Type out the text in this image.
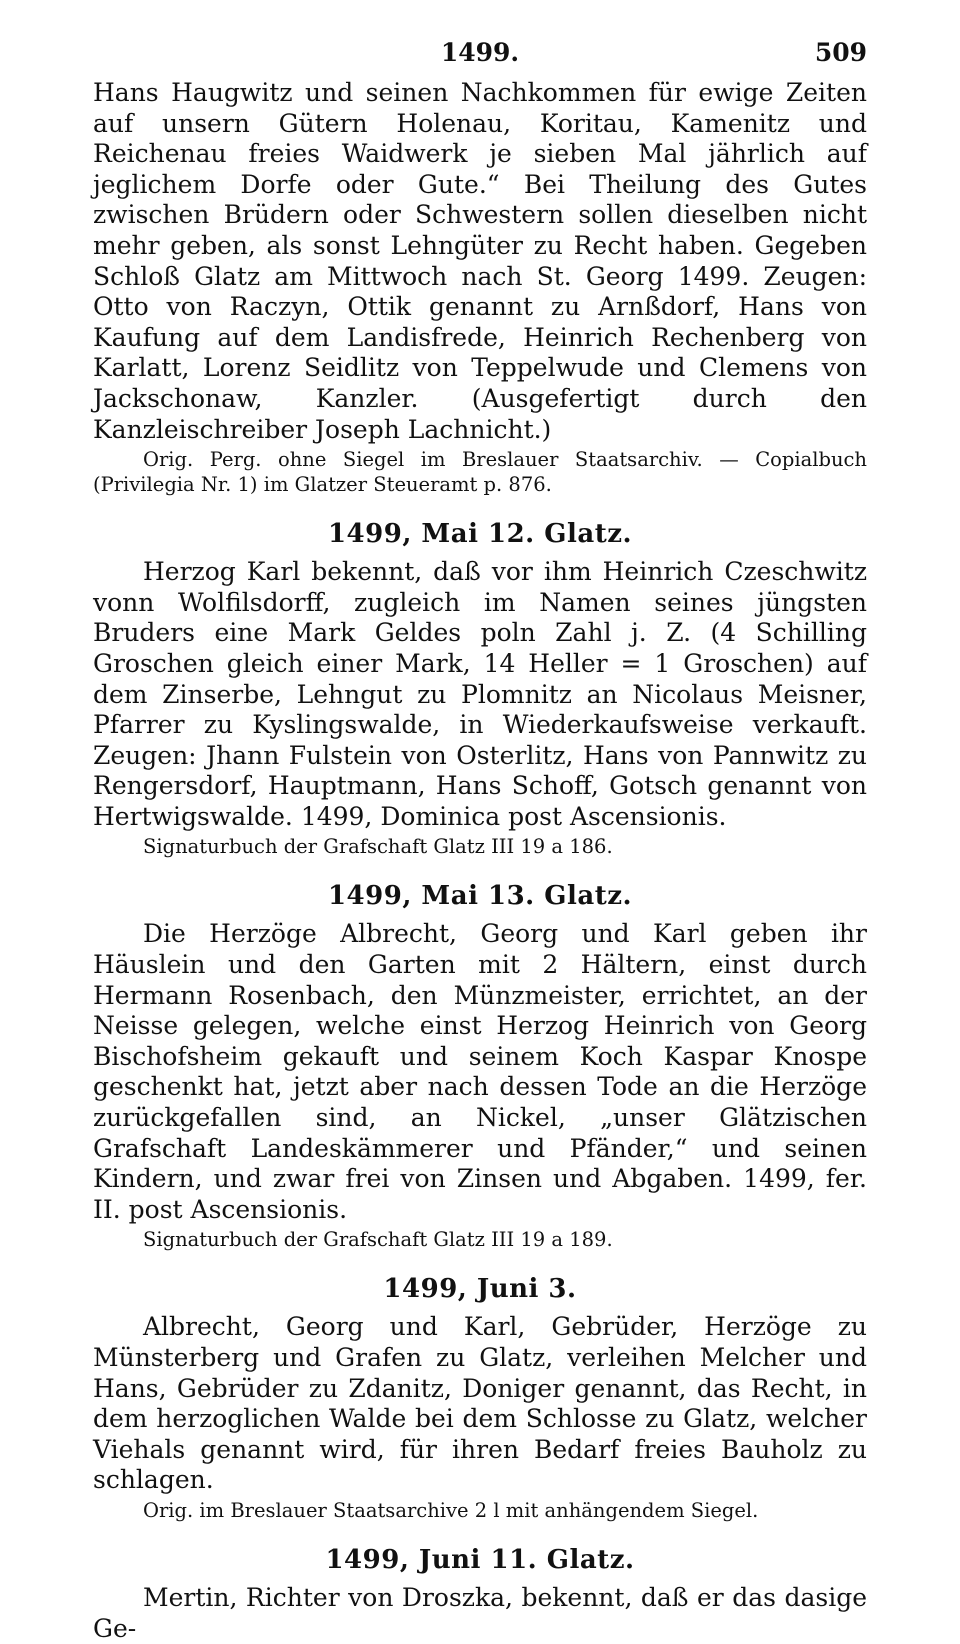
1499.	509

Hans Haugwitz und seinen Nachkommen für ewige Zeiten auf unsern Gütern Holenau, Koritau, Kamenitz und Reichenau freies Waidwerk je sieben Mal jährlich auf jeglichem Dorfe oder Gute.“ Bei Theilung des Gutes zwischen Brüdern oder Schwestern sollen dieselben nicht mehr geben, als sonst Lehngüter zu Recht haben. Gegeben Schloß Glatz am Mittwoch nach St. Georg 1499. Zeugen: Otto von Raczyn, Ottik genannt zu Arnßdorf, Hans von Kaufung auf dem Landisfrede, Heinrich Rechenberg von Karlatt, Lorenz Seidlitz von Teppelwude und Clemens von Jackschonaw, Kanzler. (Ausgefertigt durch den Kanzleischreiber Joseph Lachnicht.)

Orig. Perg. ohne Siegel im Breslauer Staatsarchiv. — Copialbuch (Privilegia Nr. 1) im Glatzer Steueramt p. 876.

1499, Mai 12. Glatz.

Herzog Karl bekennt, daß vor ihm Heinrich Czeschwitz vonn Wolfilsdorff, zugleich im Namen seines jüngsten Bruders eine Mark Geldes poln Zahl j. Z. (4 Schilling Groschen gleich einer Mark, 14 Heller = 1 Groschen) auf dem Zinserbe, Lehngut zu Plomnitz an Nicolaus Meisner, Pfarrer zu Kyslingswalde, in Wiederkaufsweise verkauft. Zeugen: Jhann Fulstein von Osterlitz, Hans von Pannwitz zu Rengersdorf, Hauptmann, Hans Schoff, Gotsch genannt von Hertwigswalde. 1499, Dominica post Ascensionis.

Signaturbuch der Grafschaft Glatz III 19 a 186.

1499, Mai 13. Glatz.

Die Herzöge Albrecht, Georg und Karl geben ihr Häuslein und den Garten mit 2 Hältern, einst durch Hermann Rosenbach, den Münzmeister, errichtet, an der Neisse gelegen, welche einst Herzog Heinrich von Georg Bischofsheim gekauft und seinem Koch Kaspar Knospe geschenkt hat, jetzt aber nach dessen Tode an die Herzöge zurückgefallen sind, an Nickel, „unser Glätzischen Grafschaft Landeskämmerer und Pfänder,“ und seinen Kindern, und zwar frei von Zinsen und Abgaben. 1499, fer. II. post Ascensionis.

Signaturbuch der Grafschaft Glatz III 19 a 189.

1499, Juni 3.

Albrecht, Georg und Karl, Gebrüder, Herzöge zu Münsterberg und Grafen zu Glatz, verleihen Melcher und Hans, Gebrüder zu Zdanitz, Doniger genannt, das Recht, in dem herzoglichen Walde bei dem Schlosse zu Glatz, welcher Viehals genannt wird, für ihren Bedarf freies Bauholz zu schlagen.

Orig. im Breslauer Staatsarchive 2 l mit anhängendem Siegel.

1499, Juni 11. Glatz.

Mertin, Richter von Droszka, bekennt, daß er das dasige Ge-
